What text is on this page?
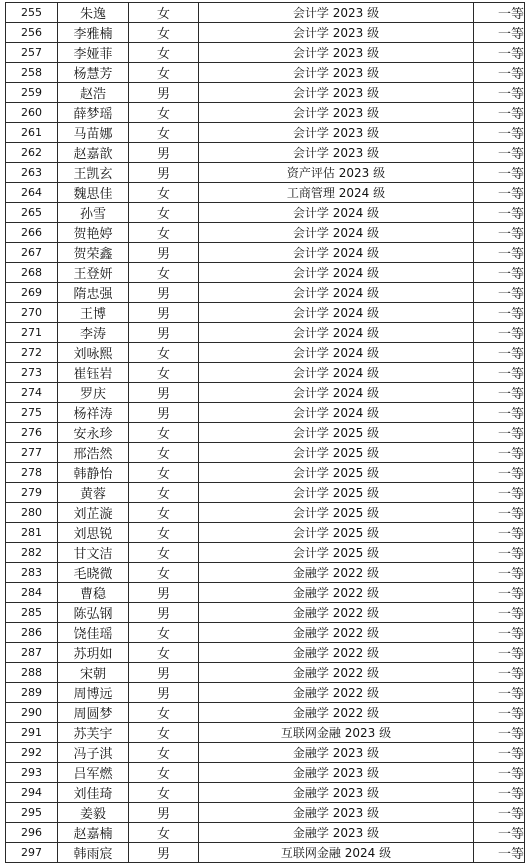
255	朱逸	女	会计学 2023 级	一等
256	李雅楠	女	会计学 2023 级	一等
257	李娅菲	女	会计学 2023 级	一等
258	杨慧芳	女	会计学 2023 级	一等
259	赵浩	男	会计学 2023 级	一等
260	薛梦瑶	女	会计学 2023 级	一等
261	马苗娜	女	会计学 2023 级	一等
262	赵嘉歆	男	会计学 2023 级	一等
263	王凯玄	男	资产评估 2023 级	一等
264	魏思佳	女	工商管理 2024 级	一等
265	孙雪	女	会计学 2024 级	一等
266	贺艳婷	女	会计学 2024 级	一等
267	贺荣鑫	男	会计学 2024 级	一等
268	王登妍	女	会计学 2024 级	一等
269	隋忠强	男	会计学 2024 级	一等
270	王博	男	会计学 2024 级	一等
271	李涛	男	会计学 2024 级	一等
272	刘咏熙	女	会计学 2024 级	一等
273	崔钰岩	女	会计学 2024 级	一等
274	罗庆	男	会计学 2024 级	一等
275	杨祥涛	男	会计学 2024 级	一等
276	安永珍	女	会计学 2025 级	一等
277	邢浩然	女	会计学 2025 级	一等
278	韩静怡	女	会计学 2025 级	一等
279	黄蓉	女	会计学 2025 级	一等
280	刘芷漩	女	会计学 2025 级	一等
281	刘思锐	女	会计学 2025 级	一等
282	甘文洁	女	会计学 2025 级	一等
283	毛晓微	女	金融学 2022 级	一等
284	曹稳	男	金融学 2022 级	一等
285	陈弘钢	男	金融学 2022 级	一等
286	饶佳瑶	女	金融学 2022 级	一等
287	苏玥如	女	金融学 2022 级	一等
288	宋朝	男	金融学 2022 级	一等
289	周博远	男	金融学 2022 级	一等
290	周圆梦	女	金融学 2022 级	一等
291	苏芙宇	女	互联网金融 2023 级	一等
292	冯子淇	女	金融学 2023 级	一等
293	吕军燃	女	金融学 2023 级	一等
294	刘佳琦	女	金融学 2023 级	一等
295	姜毅	男	金融学 2023 级	一等
296	赵嘉楠	女	金融学 2023 级	一等
297	韩雨宸	男	互联网金融 2024 级	一等
